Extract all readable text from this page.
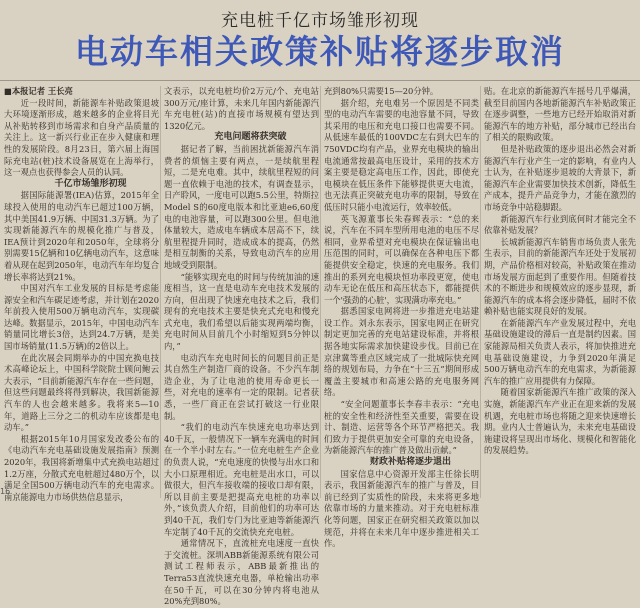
充电桩千亿市场雏形初现
电动车相关政策补贴将逐步取消

■本报记者 王长亮

近一段时间，新能源车补贴政策退坡大环境逐渐形成，越来越多的企业将目光从补贴转移到市场需求和自身产品质量的关注上。这一新兴行业正在步入健康和理性的发展阶段。8月23日，第六届上海国际充电站(桩)技术设备展览在上海举行，这一观点也获得参会人员的认同。

千亿市场雏形初现

据国际能源署(IEA)估算，2015年全球投入使用的电动汽车已超过100万辆，其中美国41.9万辆、中国31.3万辆。为了实现新能源汽车的规模化推广与普及，IEA预计到2020年和2050年，全球将分别需要15亿辆和10亿辆电动汽车，这意味着从现在起到2050年，电动汽车年均复合增长率将达到21%。

中国对汽车工业发展的目标是考虑能源安全和汽车碳足迹考虑，并计划在2020年前投入使用500万辆电动汽车，实现碳达峰。数据显示，2015年，中国电动汽车销量同比增长3倍，达到24.7万辆，是美国市场销量(11.5万辆)的2倍以上。

在此次展会同期举办的中国充换电技术高峰论坛上，中国科学院院士顾问鲍云大表示，“目前新能源汽车存在一些问题，但这些问题最终将得到解决，我国新能源汽车的人也会越来越多。我将来5—10年，道路上三分之二的机动车应该都是电动车。”

根据2015年10月国家发改委公布的《电动汽车充电基础设施发展指南》预测2020年，我国将新增集中式充换电站超过1.2万座，分散式充电桩超过480万个，以满足全国500万辆电动汽车的充电需求。南京能源电力市场供热信息显示，

文表示，以充电桩均价2万元/个、充电站300万元/座计算，未来几年国内新能源汽车充电桩(站)的直接市场规模有望达到1320亿元。

充电问题将获突破

据记者了解，当前困扰新能源汽车消费者的烦恼主要有两点，一是续航里程短，二是充电难。其中，续航里程短的问题一直依赖于电池的技术，有调查显示，日产聆风，一度电可以跑5.5公里，特斯拉Model S的60度电版本和比亚迪e6,60度电的电池容量，可以跑300公里。但电池体量较大，造成电车辆成本居高不下，续航里程提升同时，造成成本的提高，仍然是相互制衡的关系，导致电动汽车的应用地域受到限制。

“能够实现充电的时间与传统加油的速度相当，这一直是电动车充电技术发展的方向，但出现了快速充电技术之后，我们现有的充电技术主要是快充式充电和慢充式充电，我们希望以后能实现两端均衡，充电时间从目前几个小时缩短到5分钟以内，”

电动汽车充电时间长的问题目前正是其自然生产制造厂商的设备。不少汽车制造企业，为了让电池的使用寿命更长一些，对充电的速率有一定的限制。记者获悉，一些厂商正在尝试打破这一行业限制。

“我们的电动汽车快速充电功率达到40千瓦，一般情况下一辆车充满电的时间在一个半小时左右。”一位充电桩生产企业的负责人说，“充电速度的快慢与出水口和大小口原理相近。充电桩是出水口，可以做很大，但汽车接收端的接收口却有限，所以目前主要是把提高充电桩的功率以外，”该负责人介绍，目前他们的功率可达到40千瓦，我们专门为比亚迪等新能源汽车定制了40千瓦的交流快充充电桩。

通常情况下，直流桩充电速度一直快于交流桩。深圳ABB新能源系统有限公司测试工程师表示，ABB最新推出的Terra53直流快速充电器，单枪输出功率在50千瓦，可以在30分钟内将电池从20%充到80%。

充到80%只需要15—20分钟。

据介绍，充电难另一个原因是不同类型的电动汽车需要的电池容量不同，导致其采用的电压和充电口接口也需要不同。从低速车最低的100VDC左右到大巴车的750VDC均有产品，业界充电模块的输出电流通常按最高电压设计，采用的技术方案主要是稳定高电压工作，因此，即使充电模块在低压条件下能够提供更大电流，也无法真正突破充电功率的限制，导致在低压时只能小电流运行，效率较低。

英飞源董事长朱春辉表示：“总的来说，汽车在不同车型所用电池的电压不尽相同，业界希望对充电模块在保证输出电压范围的同时，可以确保在各种电压下都能提供安全稳定，快速的充电服务。我们推出的系列充电模块恒功率段更宽，使电动车无论在低压和高压状态下，都能提供一个'强劲的心脏'，实现满功率充电。”

据悉国家电网将进一步推进充电站建设工作。刘永东表示，国家电网正在研究制定更加完善的充电站建设标准，并将根据各地实际需求加快建设步伐。目前已在京津冀等重点区域完成了一批城际快充网络的规划布局，力争在“十三五”期间形成覆盖主要城市和高速公路的充电服务网络。

“安全问题董事长李春丰表示：“充电桩的安全性和经济性至关重要，需要在设计、制造、运营等各个环节严格把关。我们致力于提供更加安全可靠的充电设备，为新能源汽车的推广普及做出贡献。”

财政补贴将逐步退出

国家信息中心资源开发部主任徐长明表示，我国新能源汽车的推广与普及，目前已经到了实质性的阶段，未来将更多地依靠市场的力量来推动。对于充电桩标准化等问题，国家正在研究相关政策以加以规范，并将在未来几年中逐步推进相关工作。

贴。在北京的新能源汽车摇号几乎爆满，截至目前国内各地新能源汽车补贴政策正在逐步调整，一些地方已经开始取消对新能源汽车的地方补贴，部分城市已经出台了相关的限购政策。

但是补贴政策的逐步退出必然会对新能源汽车行业产生一定的影响，有业内人士认为，在补贴逐步退坡的大背景下，新能源汽车企业需要加快技术创新，降低生产成本，提升产品竞争力，才能在激烈的市场竞争中站稳脚跟。

新能源汽车行业到底何时才能完全不依靠补贴发展？

长城新能源汽车销售市场负责人张先生表示，目前的新能源汽车还处于发展初期，产品价格相对较高，补贴政策在推动市场发展方面起到了重要作用。但随着技术的不断进步和规模效应的逐步显现，新能源汽车的成本将会逐步降低，届时不依赖补贴也能实现良好的发展。

在新能源汽车产业发展过程中，充电基础设施建设的滞后一直是制约因素。国家能源局相关负责人表示，将加快推进充电基础设施建设，力争到2020年满足500万辆电动汽车的充电需求，为新能源汽车的推广应用提供有力保障。

随着国家新能源汽车推广政策的深入实施，新能源汽车产业正在迎来新的发展机遇，充电桩市场也将随之迎来快速增长期。业内人士普遍认为，未来充电基础设施建设将呈现出市场化、规模化和智能化的发展趋势。

16
